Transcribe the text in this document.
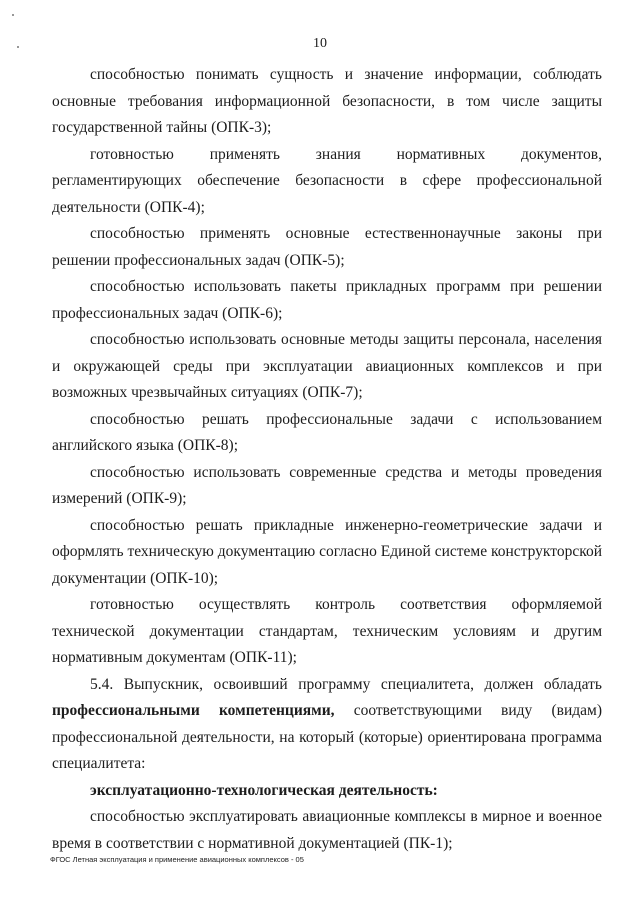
10

способностью понимать сущность и значение информации, соблюдать основные требования информационной безопасности, в том числе защиты государственной тайны (ОПК-3);

готовностью применять знания нормативных документов, регламентирующих обеспечение безопасности в сфере профессиональной деятельности (ОПК-4);

способностью применять основные естественнонаучные законы при решении профессиональных задач (ОПК-5);

способностью использовать пакеты прикладных программ при решении профессиональных задач (ОПК-6);

способностью использовать основные методы защиты персонала, населения и окружающей среды при эксплуатации авиационных комплексов и при возможных чрезвычайных ситуациях (ОПК-7);

способностью решать профессиональные задачи с использованием английского языка (ОПК-8);

способностью использовать современные средства и методы проведения измерений (ОПК-9);

способностью решать прикладные инженерно-геометрические задачи и оформлять техническую документацию согласно Единой системе конструкторской документации (ОПК-10);

готовностью осуществлять контроль соответствия оформляемой технической документации стандартам, техническим условиям и другим нормативным документам (ОПК-11);

5.4. Выпускник, освоивший программу специалитета, должен обладать профессиональными компетенциями, соответствующими виду (видам) профессиональной деятельности, на который (которые) ориентирована программа специалитета:

эксплуатационно-технологическая деятельность:

способностью эксплуатировать авиационные комплексы в мирное и военное время в соответствии с нормативной документацией (ПК-1);

ФГОС Летная эксплуатация и применение авиационных комплексов - 05
